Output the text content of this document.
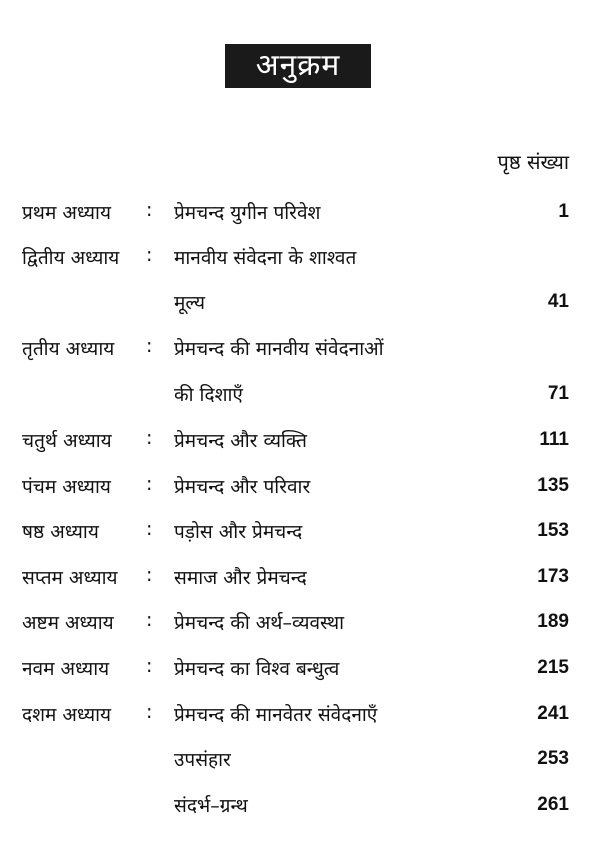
अनुक्रम
पृष्ठ संख्या
प्रथम अध्याय : प्रेमचन्द युगीन परिवेश	1
द्वितीय अध्याय : मानवीय संवेदना के शाश्वत
मूल्य	41
तृतीय अध्याय : प्रेमचन्द की मानवीय संवेदनाओं
की दिशाएँ	71
चतुर्थ अध्याय : प्रेमचन्द और व्यक्ति	111
पंचम अध्याय : प्रेमचन्द और परिवार	135
षष्ठ अध्याय : पड़ोस और प्रेमचन्द	153
सप्तम अध्याय : समाज और प्रेमचन्द	173
अष्टम अध्याय : प्रेमचन्द की अर्थ–व्यवस्था	189
नवम अध्याय : प्रेमचन्द का विश्व बन्धुत्व	215
दशम अध्याय : प्रेमचन्द की मानवेतर संवेदनाएँ	241
उपसंहार	253
संदर्भ–ग्रन्थ	261
